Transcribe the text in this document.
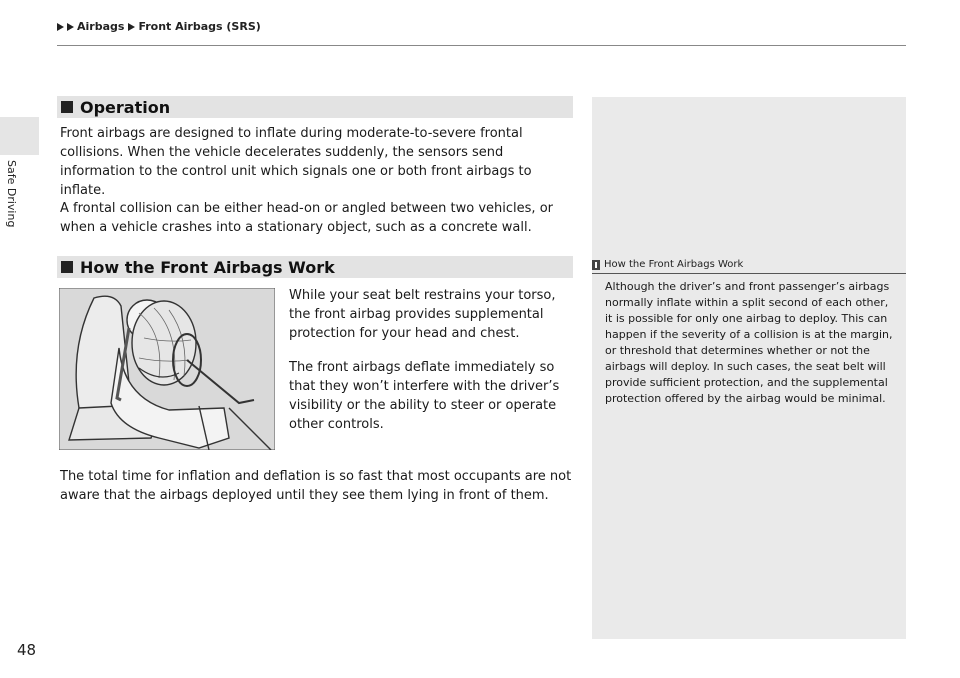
Safe Driving
Airbags Front Airbags (SRS)
Operation

Front airbags are designed to inflate during moderate-to-severe frontal collisions. When the vehicle decelerates suddenly, the sensors send information to the control unit which signals one or both front airbags to inflate.

A frontal collision can be either head-on or angled between two vehicles, or when a vehicle crashes into a stationary object, such as a concrete wall.

How the Front Airbags Work

While your seat belt restrains your torso, the front airbag provides supplemental protection for your head and chest.

The front airbags deflate immediately so that they won’t interfere with the driver’s visibility or the ability to steer or operate other controls.

The total time for inflation and deflation is so fast that most occupants are not aware that the airbags deployed until they see them lying in front of them.

How the Front Airbags Work

Although the driver’s and front passenger’s airbags normally inflate within a split second of each other, it is possible for only one airbag to deploy. This can happen if the severity of a collision is at the margin, or threshold that determines whether or not the airbags will deploy. In such cases, the seat belt will provide sufficient protection, and the supplemental protection offered by the airbag would be minimal.

48
